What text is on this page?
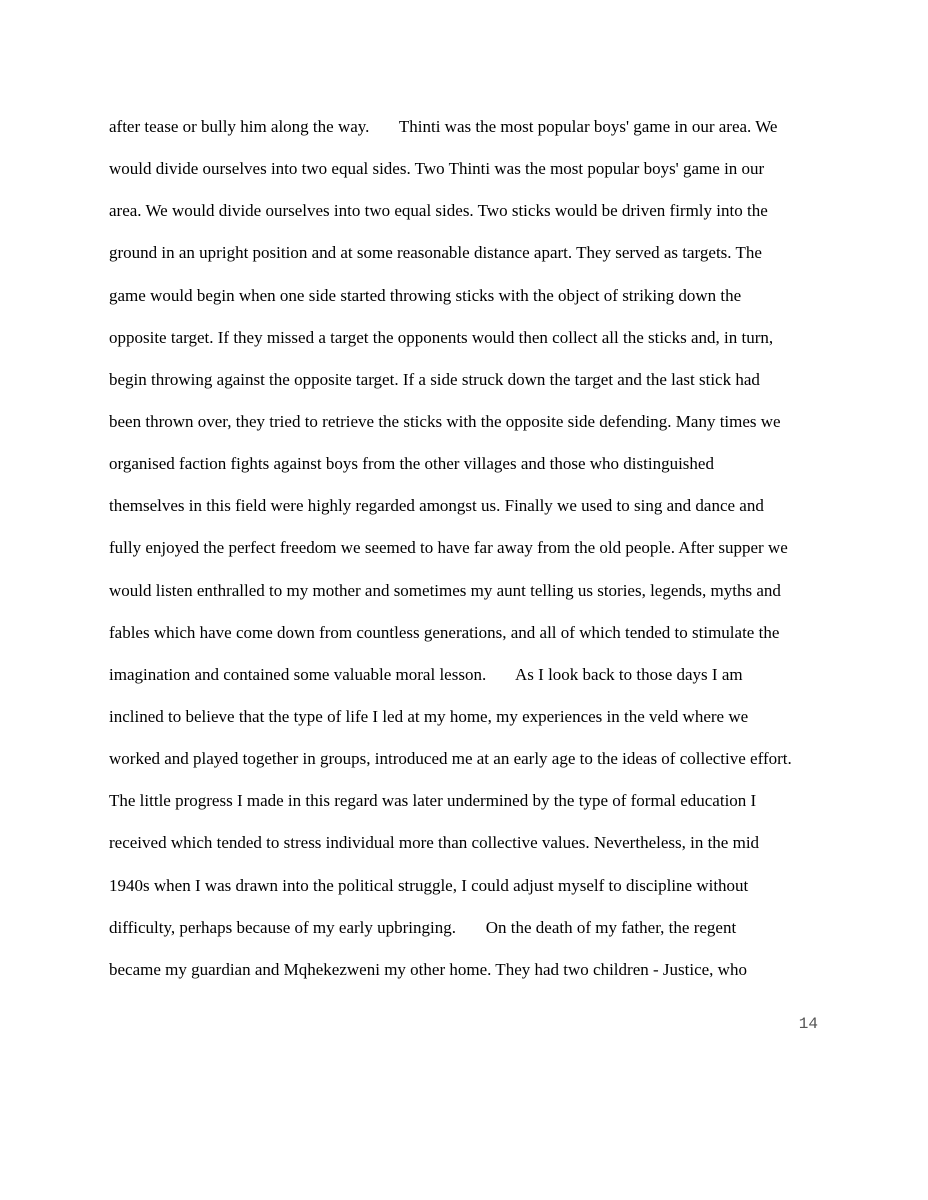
after tease or bully him along the way.       Thinti was the most popular boys' game in our area. We
would divide ourselves into two equal sides. Two Thinti was the most popular boys' game in our
area. We would divide ourselves into two equal sides. Two sticks would be driven firmly into the
ground in an upright position and at some reasonable distance apart. They served as targets. The
game would begin when one side started throwing sticks with the object of striking down the
opposite target. If they missed a target the opponents would then collect all the sticks and, in turn,
begin throwing against the opposite target. If a side struck down the target and the last stick had
been thrown over, they tried to retrieve the sticks with the opposite side defending. Many times we
organised faction fights against boys from the other villages and those who distinguished
themselves in this field were highly regarded amongst us. Finally we used to sing and dance and
fully enjoyed the perfect freedom we seemed to have far away from the old people. After supper we
would listen enthralled to my mother and sometimes my aunt telling us stories, legends, myths and
fables which have come down from countless generations, and all of which tended to stimulate the
imagination and contained some valuable moral lesson.       As I look back to those days I am
inclined to believe that the type of life I led at my home, my experiences in the veld where we
worked and played together in groups, introduced me at an early age to the ideas of collective effort.
The little progress I made in this regard was later undermined by the type of formal education I
received which tended to stress individual more than collective values. Nevertheless, in the mid
1940s when I was drawn into the political struggle, I could adjust myself to discipline without
difficulty, perhaps because of my early upbringing.       On the death of my father, the regent
became my guardian and Mqhekezweni my other home. They had two children - Justice, who
14
